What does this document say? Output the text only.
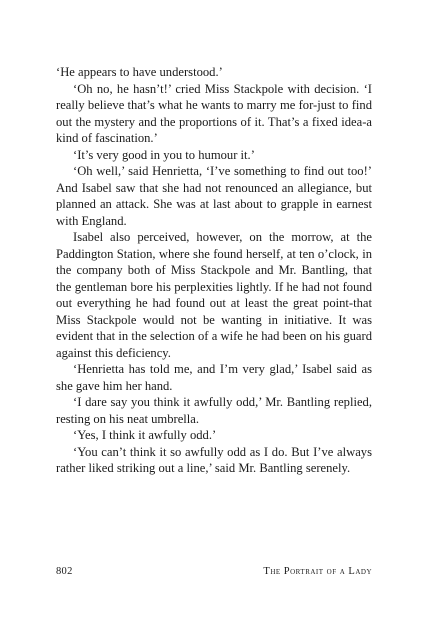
‘He appears to have understood.’

‘Oh no, he hasn’t!’ cried Miss Stackpole with decision. ‘I really believe that’s what he wants to marry me for-just to find out the mystery and the proportions of it. That’s a fixed idea-a kind of fascination.’

‘It’s very good in you to humour it.’

‘Oh well,’ said Henrietta, ‘I’ve something to find out too!’ And Isabel saw that she had not renounced an allegiance, but planned an attack. She was at last about to grapple in earnest with England.

Isabel also perceived, however, on the morrow, at the Paddington Station, where she found herself, at ten o’clock, in the company both of Miss Stackpole and Mr. Bantling, that the gentleman bore his perplexities lightly. If he had not found out everything he had found out at least the great point-that Miss Stackpole would not be wanting in initiative. It was evident that in the selection of a wife he had been on his guard against this deficiency.

‘Henrietta has told me, and I’m very glad,’ Isabel said as she gave him her hand.

‘I dare say you think it awfully odd,’ Mr. Bantling replied, resting on his neat umbrella.

‘Yes, I think it awfully odd.’

‘You can’t think it so awfully odd as I do. But I’ve always rather liked striking out a line,’ said Mr. Bantling serenely.

802	The Portrait of a Lady
